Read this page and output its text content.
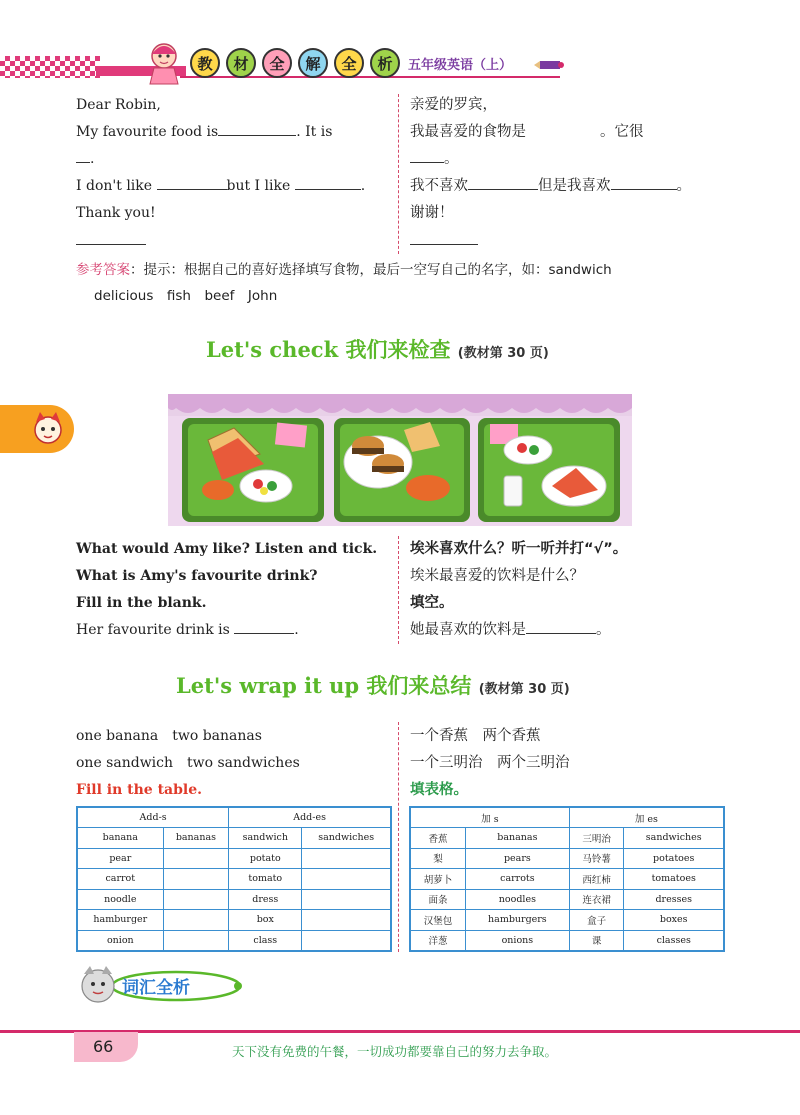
教	材	全	解	全	析	五年级英语（上）
Dear Robin,
My favourite food is	. It is
.
I don't like	but I like	.
Thank you!
亲爱的罗宾，
我最喜爱的食物是	。它很
。
我不喜欢	但是我喜欢	。
谢谢！
参考答案：提示：根据自己的喜好选择填写食物，最后一空写自己的名字，如：sandwich
delicious　fish　beef　John
Let's check 我们来检查 (教材第 30 页)
What would Amy like? Listen and tick.
What is Amy's favourite drink?
Fill in the blank.
Her favourite drink is	.
埃米喜欢什么？听一听并打“√”。
埃米最喜爱的饮料是什么？
填空。
她最喜欢的饮料是	。
Let's wrap it up 我们来总结 (教材第 30 页)
one banana　two bananas
one sandwich　two sandwiches
Fill in the table.
一个香蕉　两个香蕉
一个三明治　两个三明治
填表格。
Add-s		Add-es	
banana	bananas	sandwich	sandwiches
pear		potato	
carrot		tomato	
noodle		dress	
hamburger		box	
onion		class	
加 s		加 es	
香蕉	bananas	三明治	sandwiches
梨	pears	马铃薯	potatoes
胡萝卜	carrots	西红柿	tomatoes
面条	noodles	连衣裙	dresses
汉堡包	hamburgers	盒子	boxes
洋葱	onions	课	classes
词汇全析
66	天下没有免费的午餐，一切成功都要靠自己的努力去争取。
